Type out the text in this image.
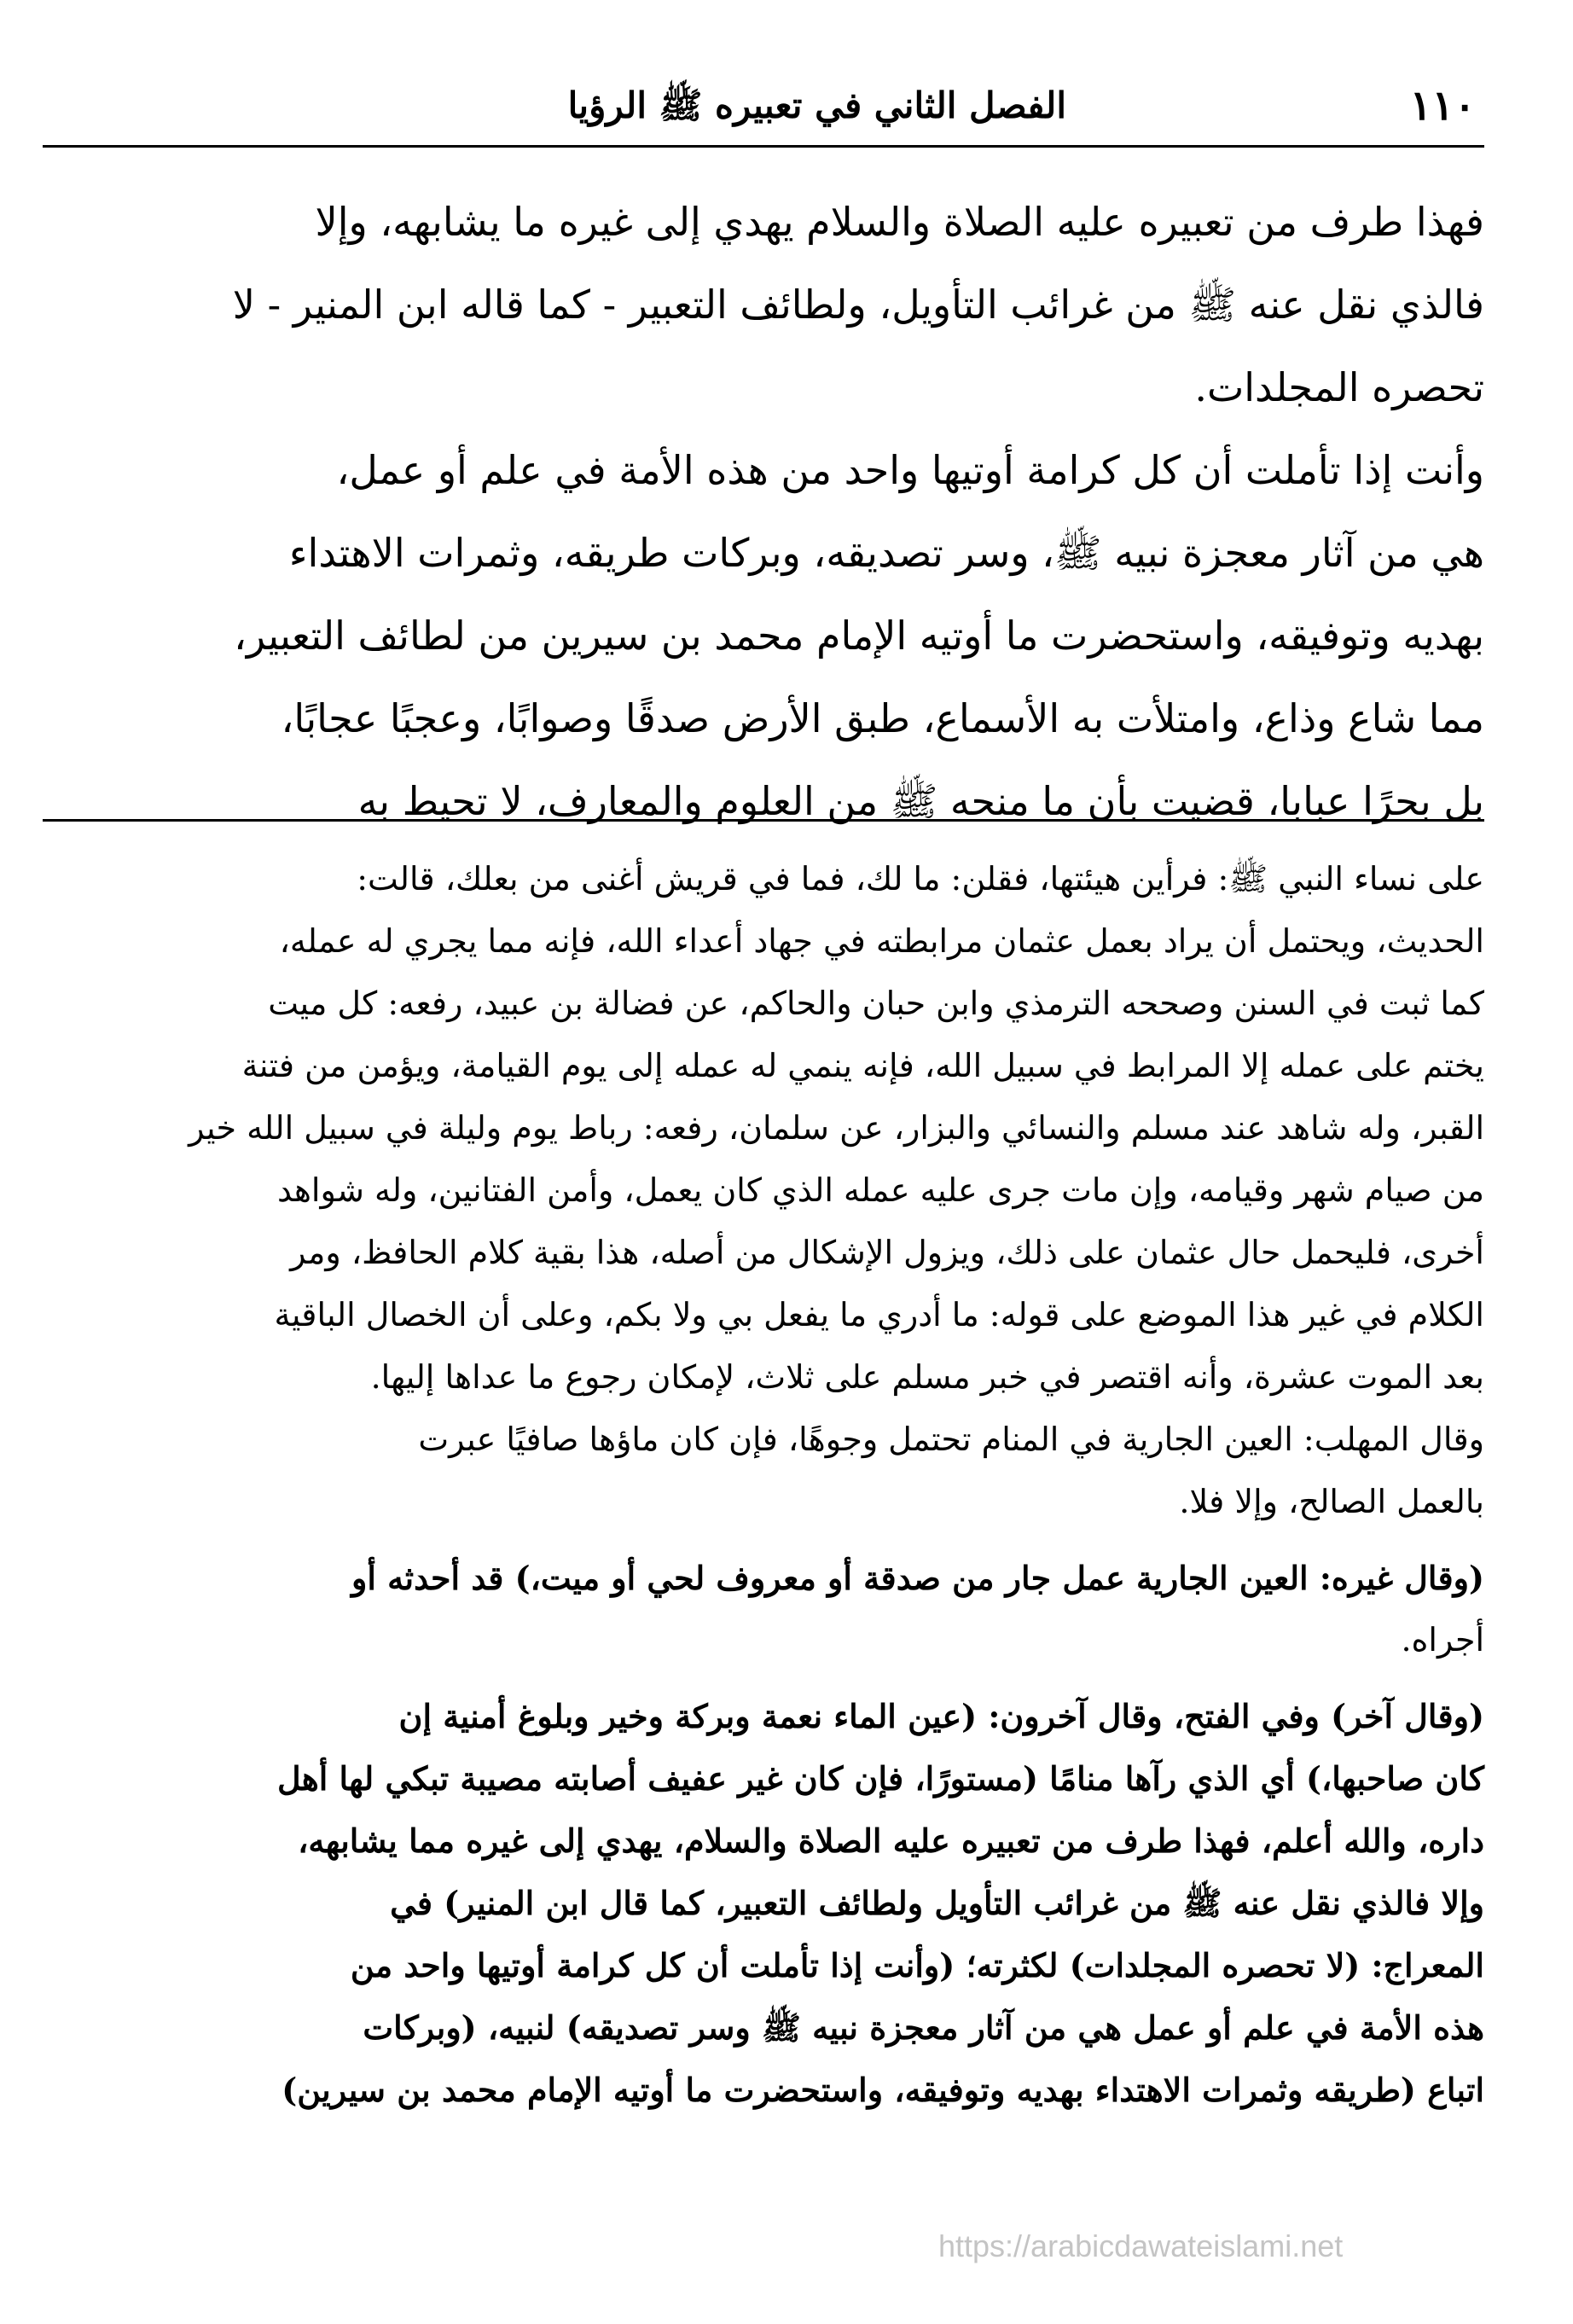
الفصل الثاني في تعبيره ﷺ الرؤيا	١١٠
فهذا طرف من تعبيره عليه الصلاة والسلام يهدي إلى غيره ما يشابهه، وإلا
فالذي نقل عنه ﷺ من غرائب التأويل، ولطائف التعبير - كما قاله ابن المنير - لا
تحصره المجلدات.
وأنت إذا تأملت أن كل كرامة أوتيها واحد من هذه الأمة في علم أو عمل،
هي من آثار معجزة نبيه ﷺ، وسر تصديقه، وبركات طريقه، وثمرات الاهتداء
بهديه وتوفيقه، واستحضرت ما أوتيه الإمام محمد بن سيرين من لطائف التعبير،
مما شاع وذاع، وامتلأت به الأسماع، طبق الأرض صدقًا وصوابًا، وعجبًا عجابًا،
بل بحرًا عبابا، قضيت بأن ما منحه ﷺ من العلوم والمعارف، لا تحيط به
على نساء النبي ﷺ: فرأين هيئتها، فقلن: ما لك، فما في قريش أغنى من بعلك، قالت:
الحديث، ويحتمل أن يراد بعمل عثمان مرابطته في جهاد أعداء الله، فإنه مما يجري له عمله،
كما ثبت في السنن وصححه الترمذي وابن حبان والحاكم، عن فضالة بن عبيد، رفعه: كل ميت
يختم على عمله إلا المرابط في سبيل الله، فإنه ينمي له عمله إلى يوم القيامة، ويؤمن من فتنة
القبر، وله شاهد عند مسلم والنسائي والبزار، عن سلمان، رفعه: رباط يوم وليلة في سبيل الله خير
من صيام شهر وقيامه، وإن مات جرى عليه عمله الذي كان يعمل، وأمن الفتانين، وله شواهد
أخرى، فليحمل حال عثمان على ذلك، ويزول الإشكال من أصله، هذا بقية كلام الحافظ، ومر
الكلام في غير هذا الموضع على قوله: ما أدري ما يفعل بي ولا بكم، وعلى أن الخصال الباقية
بعد الموت عشرة، وأنه اقتصر في خبر مسلم على ثلاث، لإمكان رجوع ما عداها إليها.
وقال المهلب: العين الجارية في المنام تحتمل وجوهًا، فإن كان ماؤها صافيًا عبرت
بالعمل الصالح، وإلا فلا.
(وقال غيره: العين الجارية عمل جار من صدقة أو معروف لحي أو ميت،) قد أحدثه أو
أجراه.
(وقال آخر) وفي الفتح، وقال آخرون: (عين الماء نعمة وبركة وخير وبلوغ أمنية إن
كان صاحبها،) أي الذي رآها منامًا (مستورًا، فإن كان غير عفيف أصابته مصيبة تبكي لها أهل
داره، والله أعلم، فهذا طرف من تعبيره عليه الصلاة والسلام، يهدي إلى غيره مما يشابهه،
وإلا فالذي نقل عنه ﷺ من غرائب التأويل ولطائف التعبير، كما قال ابن المنير) في
المعراج: (لا تحصره المجلدات) لكثرته؛ (وأنت إذا تأملت أن كل كرامة أوتيها واحد من
هذه الأمة في علم أو عمل هي من آثار معجزة نبيه ﷺ وسر تصديقه) لنبيه، (وبركات
اتباع (طريقه وثمرات الاهتداء بهديه وتوفيقه، واستحضرت ما أوتيه الإمام محمد بن سيرين)
https://arabicdawateislami.net
